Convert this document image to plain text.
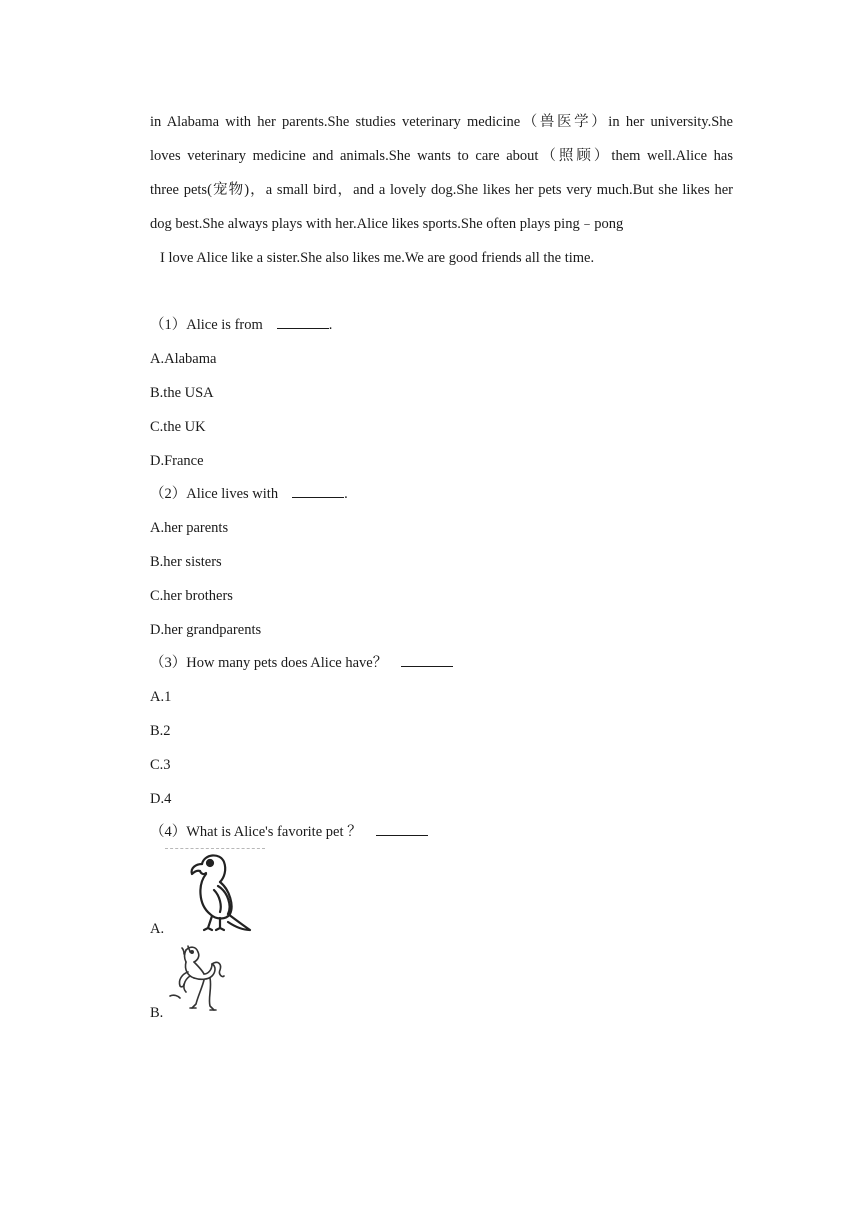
in Alabama with her parents.She studies veterinary medicine（兽医学）in her university.She
loves veterinary medicine and animals.She wants to care about（照顾）them well.Alice has
three pets(宠物)，a small bird，and a lovely dog.She likes her pets very much.But she likes her
dog best.She always plays with her.Alice likes sports.She often plays ping﹣pong
I love Alice like a sister.She also likes me.We are good friends all the time.
（1）Alice is from	.
A.Alabama
B.the USA
C.the UK
D.France
（2）Alice lives with	.
A.her parents
B.her sisters
C.her brothers
D.her grandparents
（3）How many pets does Alice have？
A.1
B.2
C.3
D.4
（4）What is Alice's favorite pet ？
A.
B.
